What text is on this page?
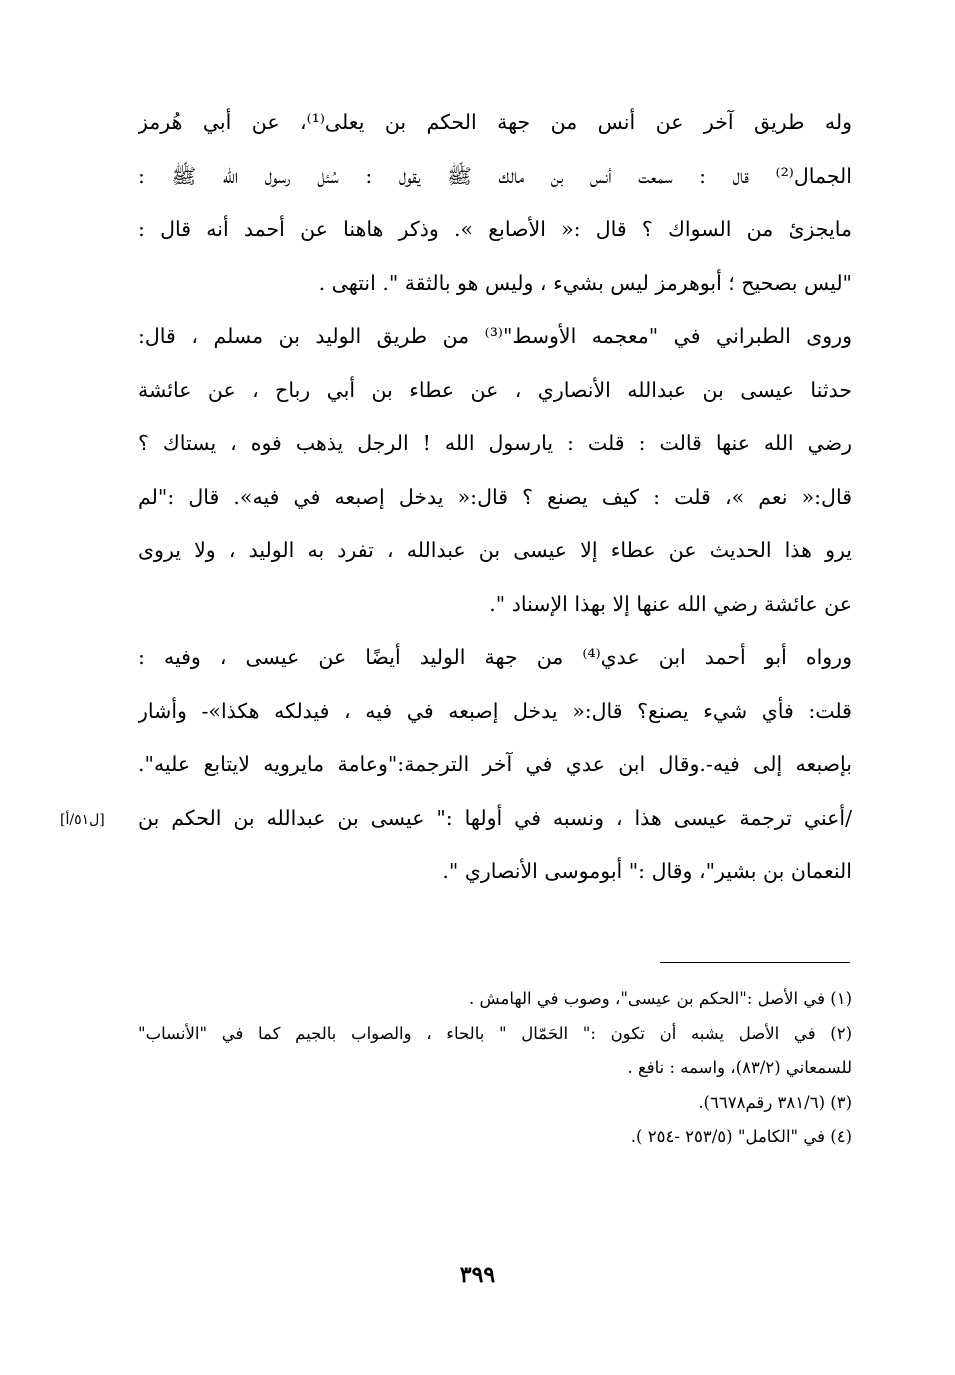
وله طريق آخر عن أنس من جهة الحكم بن يعلى⁽¹⁾، عن أبي هُرمز
الجمال⁽²⁾ قال : سمعت أنس بن مالك ﷺ يقول : سُئل رسول الله ﷺ :
مايجزئ من السواك ؟ قال :« الأصابع ». وذكر هاهنا عن أحمد أنه قال :
"ليس بصحيح ؛ أبوهرمز ليس بشيء ، وليس هو بالثقة ". انتهى .
وروى الطبراني في "معجمه الأوسط"⁽³⁾ من طريق الوليد بن مسلم ، قال:
حدثنا عيسى بن عبدالله الأنصاري ، عن عطاء بن أبي رباح ، عن عائشة
رضي الله عنها قالت : قلت : يارسول الله ! الرجل يذهب فوه ، يستاك ؟
قال:« نعم »، قلت : كيف يصنع ؟ قال:« يدخل إصبعه في فيه». قال :"لم
يرو هذا الحديث عن عطاء إلا عيسى بن عبدالله ، تفرد به الوليد ، ولا يروى
عن عائشة رضي الله عنها إلا بهذا الإسناد ".
ورواه أبو أحمد ابن عدي⁽⁴⁾ من جهة الوليد أيضًا عن عيسى ، وفيه :
قلت: فأي شيء يصنع؟ قال:« يدخل إصبعه في فيه ، فيدلكه هكذا»- وأشار
بإصبعه إلى فيه-.وقال ابن عدي في آخر الترجمة:"وعامة مايرويه لايتابع عليه".
/أعني ترجمة عيسى هذا ، ونسبه في أولها :" عيسى بن عبدالله بن الحكم بن
النعمان بن بشير"، وقال :" أبوموسى الأنصاري ".
[ل٥١/أ]
(١) في الأصل :"الحكم بن عيسى"، وصوب في الهامش .
(٢) في الأصل يشبه أن تكون :" الحَمّال " بالحاء ، والصواب بالجيم كما في "الأنساب"
للسمعاني (٨٣/٢)، واسمه : نافع .
(٣) (٣٨١/٦ رقم٦٦٧٨).
(٤) في "الكامل" (٢٥٣/٥ -٢٥٤ ).
٣٩٩
